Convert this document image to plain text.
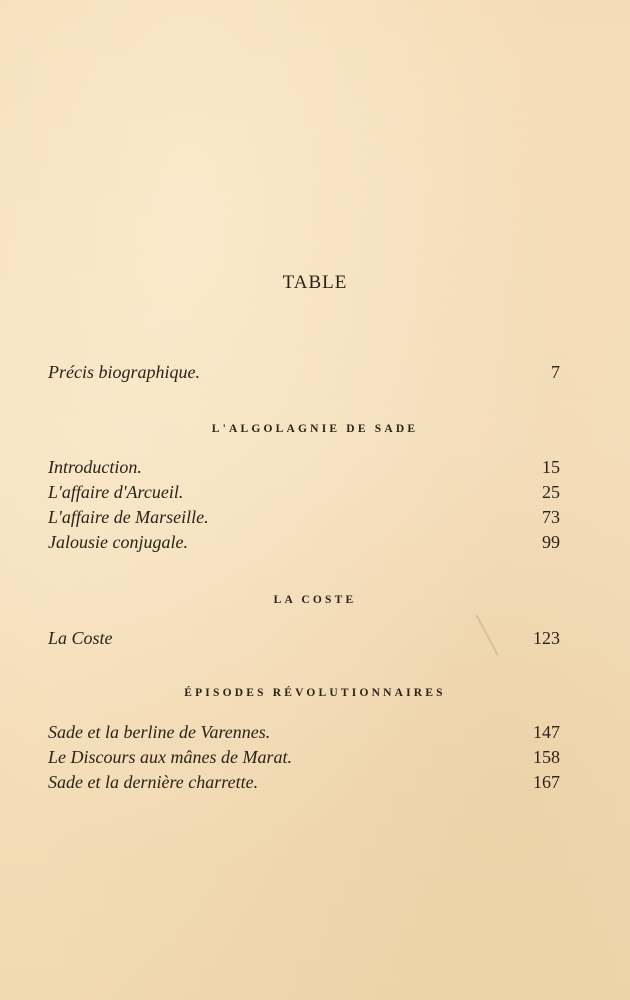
TABLE
Précis biographique.	7
L'ALGOLAGNIE DE SADE
Introduction.	15
L'affaire d'Arcueil.	25
L'affaire de Marseille.	73
Jalousie conjugale.	99
LA COSTE
La Coste	123
ÉPISODES RÉVOLUTIONNAIRES
Sade et la berline de Varennes.	147
Le Discours aux mânes de Marat.	158
Sade et la dernière charrette.	167
